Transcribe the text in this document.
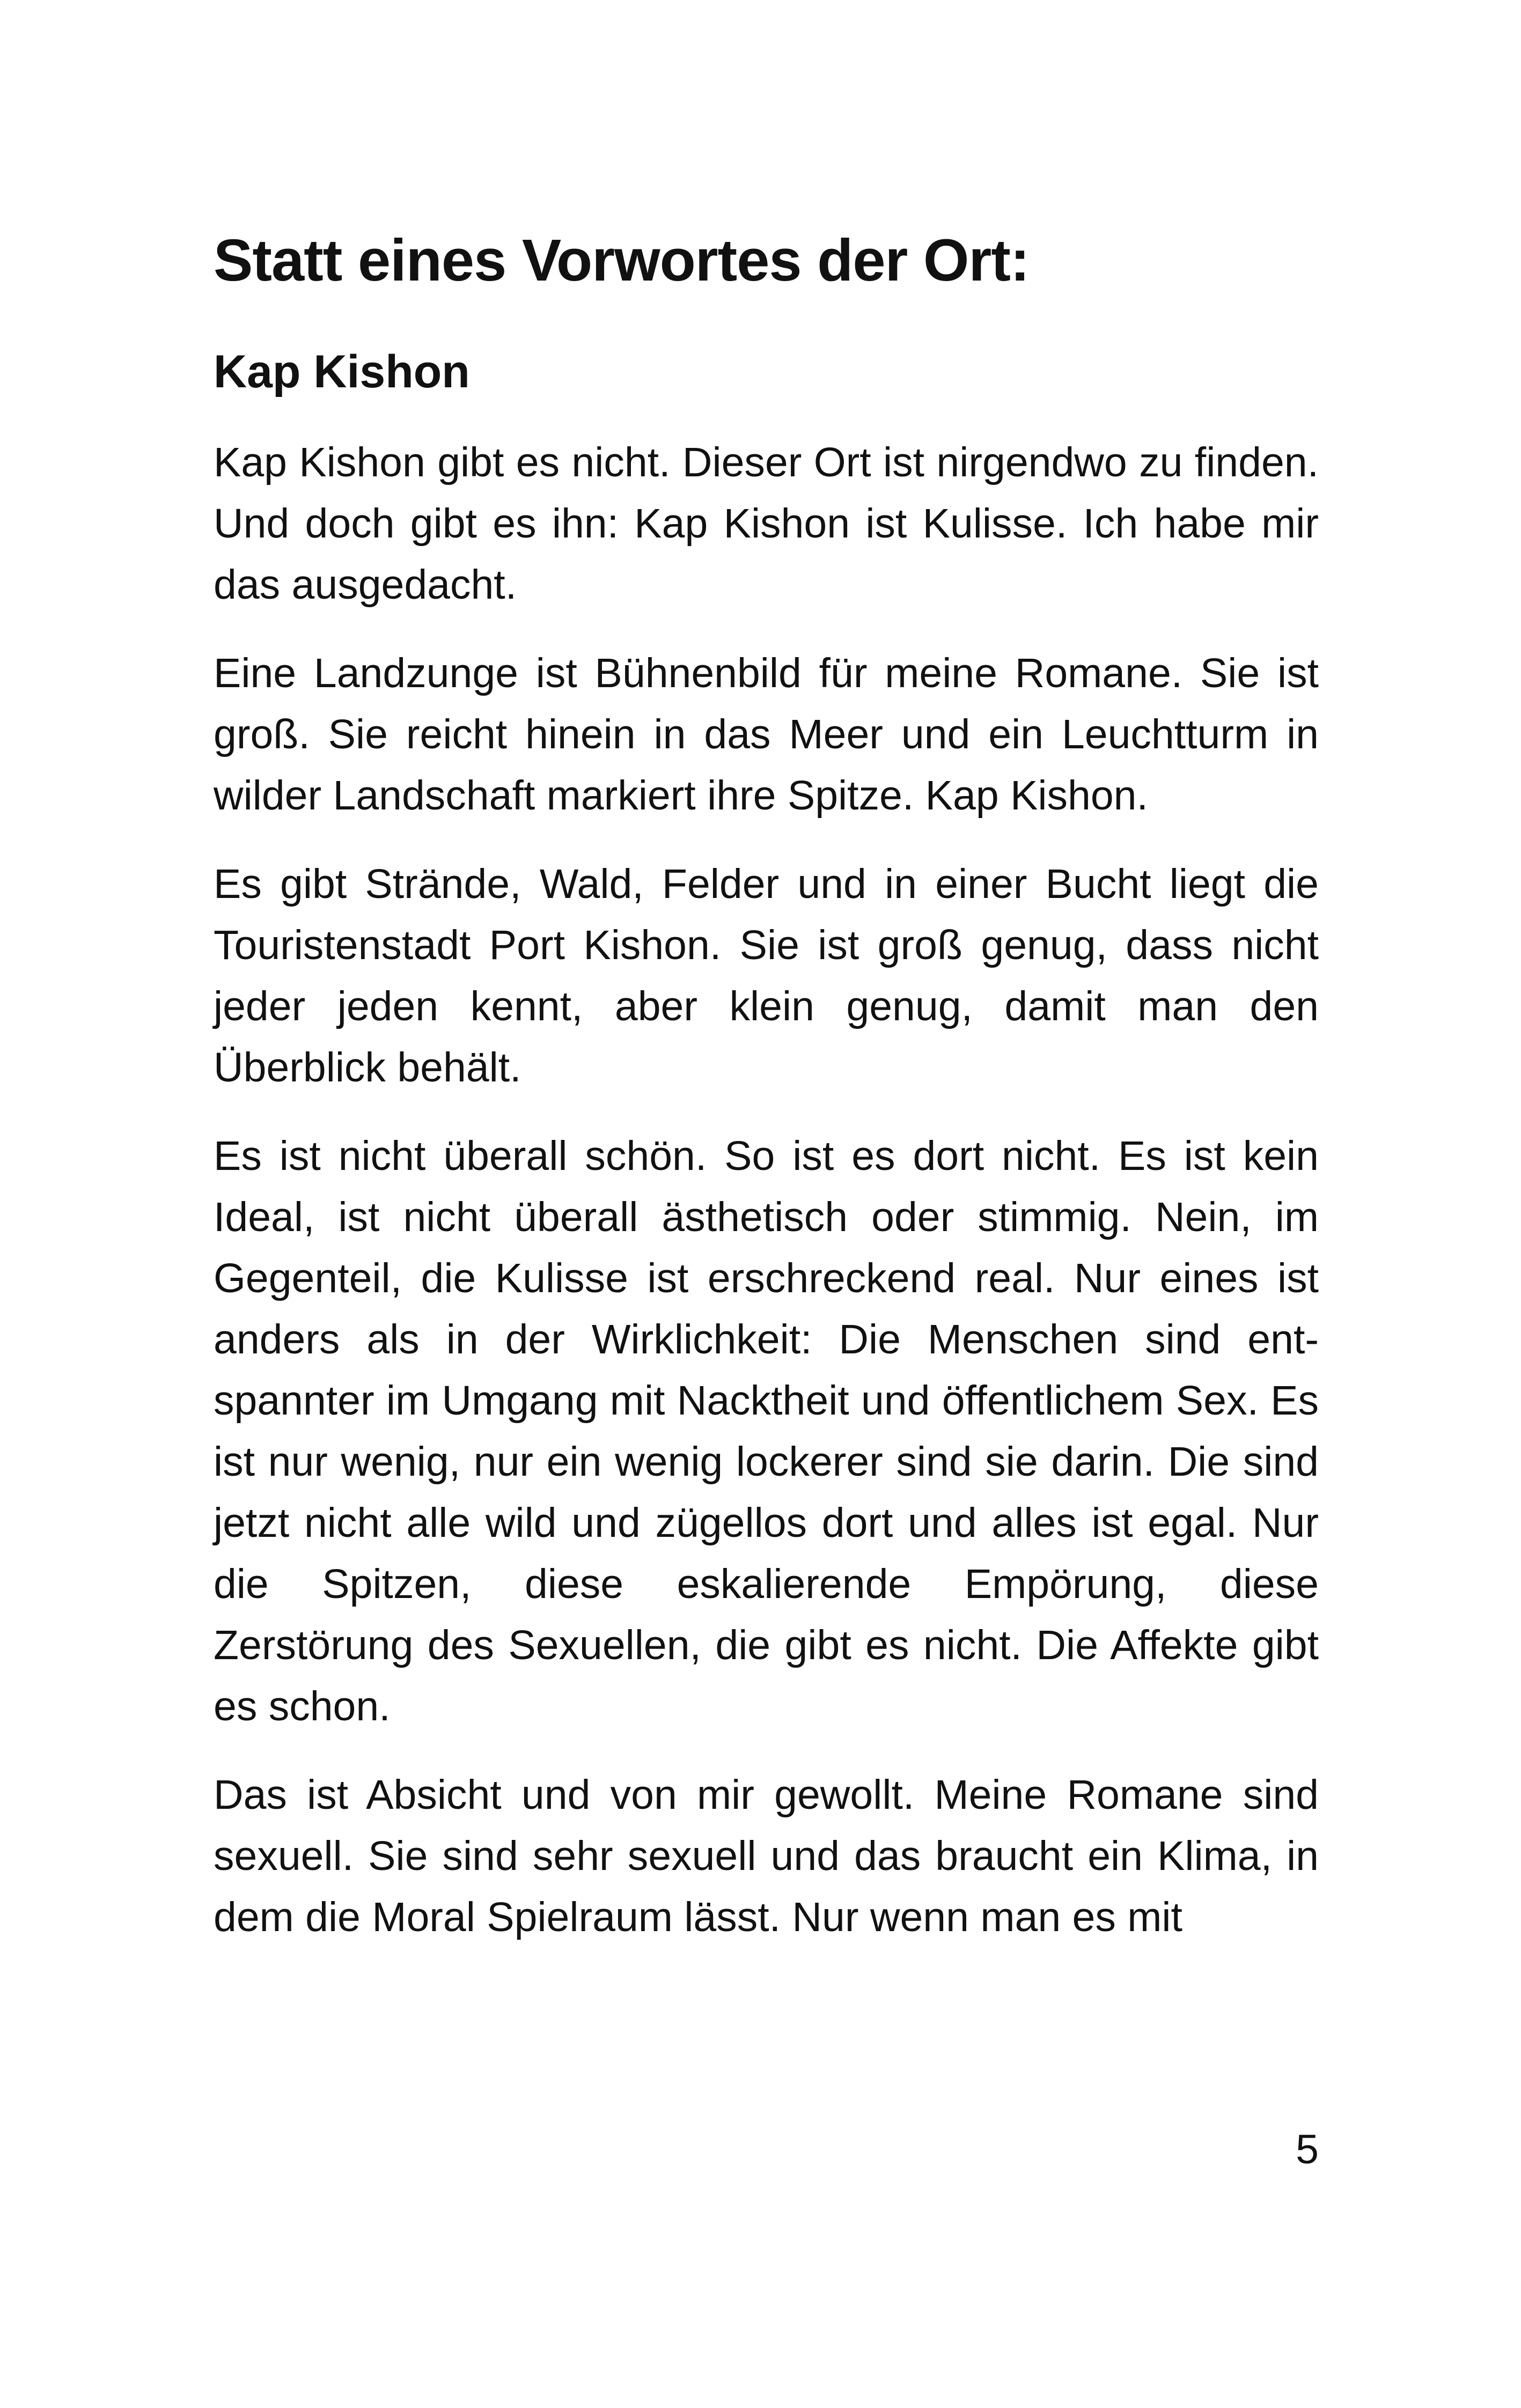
Statt eines Vorwortes der Ort:
Kap Kishon

Kap Kishon gibt es nicht. Dieser Ort ist nirgendwo zu finden. Und doch gibt es ihn: Kap Kishon ist Kulisse. Ich habe mir das ausgedacht.

Eine Landzunge ist Bühnenbild für meine Romane. Sie ist groß. Sie reicht hinein in das Meer und ein Leuchtturm in wilder Landschaft markiert ihre Spitze. Kap Kishon.

Es gibt Strände, Wald, Felder und in einer Bucht liegt die Touristenstadt Port Kishon. Sie ist groß genug, dass nicht jeder jeden kennt, aber klein genug, damit man den Überblick behält.

Es ist nicht überall schön. So ist es dort nicht. Es ist kein Ideal, ist nicht überall ästhetisch oder stimmig. Nein, im Gegenteil, die Kulisse ist erschreckend real. Nur eines ist anders als in der Wirklichkeit: Die Menschen sind entspannter im Umgang mit Nacktheit und öffentlichem Sex. Es ist nur wenig, nur ein wenig lockerer sind sie darin. Die sind jetzt nicht alle wild und zügellos dort und alles ist egal. Nur die Spitzen, diese eskalierende Empörung, diese Zerstörung des Sexuellen, die gibt es nicht. Die Affekte gibt es schon.

Das ist Absicht und von mir gewollt. Meine Romane sind sexuell. Sie sind sehr sexuell und das braucht ein Klima, in dem die Moral Spielraum lässt. Nur wenn man es mit

5
